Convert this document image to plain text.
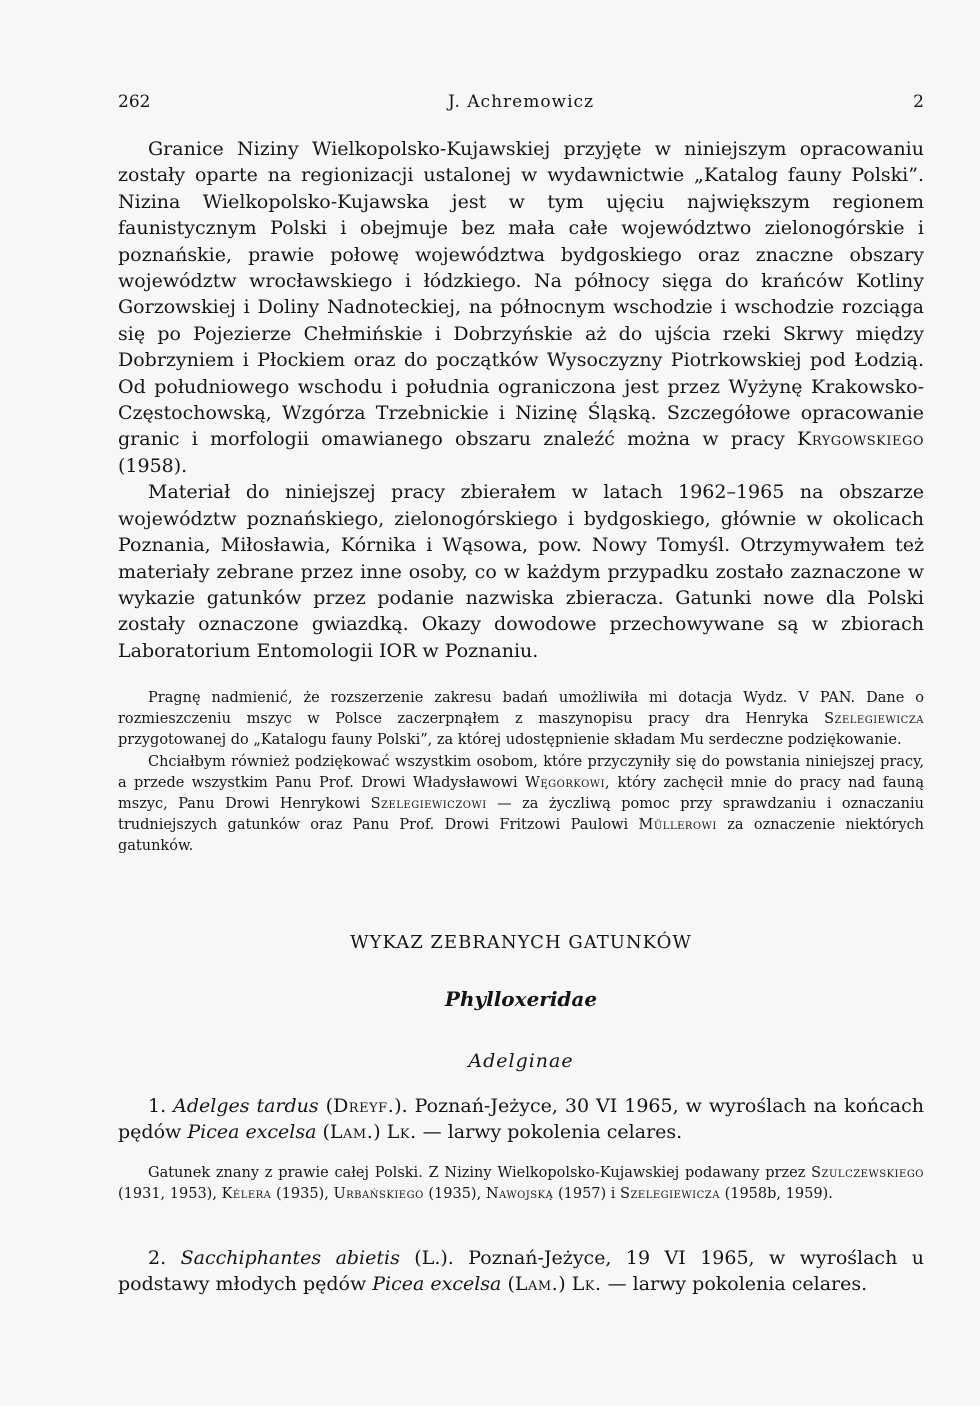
262	J. Achremowicz	2

Granice Niziny Wielkopolsko-Kujawskiej przyjęte w niniejszym opracowaniu zostały oparte na regionizacji ustalonej w wydawnictwie „Katalog fauny Polski”. Nizina Wielkopolsko-Kujawska jest w tym ujęciu największym regionem faunistycznym Polski i obejmuje bez mała całe województwo zielonogórskie i poznańskie, prawie połowę województwa bydgoskiego oraz znaczne obszary województw wrocławskiego i łódzkiego. Na północy sięga do krańców Kotliny Gorzowskiej i Doliny Nadnoteckiej, na północnym wschodzie i wschodzie rozciąga się po Pojezierze Chełmińskie i Dobrzyńskie aż do ujścia rzeki Skrwy między Dobrzyniem i Płockiem oraz do początków Wysoczyzny Piotrkowskiej pod Łodzią. Od południowego wschodu i południa ograniczona jest przez Wyżynę Krakowsko-Częstochowską, Wzgórza Trzebnickie i Nizinę Śląską. Szczegółowe opracowanie granic i morfologii omawianego obszaru znaleźć można w pracy Krygowskiego (1958).

Materiał do niniejszej pracy zbierałem w latach 1962–1965 na obszarze województw poznańskiego, zielonogórskiego i bydgoskiego, głównie w okolicach Poznania, Miłosławia, Kórnika i Wąsowa, pow. Nowy Tomyśl. Otrzymywałem też materiały zebrane przez inne osoby, co w każdym przypadku zostało zaznaczone w wykazie gatunków przez podanie nazwiska zbieracza. Gatunki nowe dla Polski zostały oznaczone gwiazdką. Okazy dowodowe przechowywane są w zbiorach Laboratorium Entomologii IOR w Poznaniu.

Pragnę nadmienić, że rozszerzenie zakresu badań umożliwiła mi dotacja Wydz. V PAN. Dane o rozmieszczeniu mszyc w Polsce zaczerpnąłem z maszynopisu pracy dra Henryka Szelegiewicza przygotowanej do „Katalogu fauny Polski”, za której udostępnienie składam Mu serdeczne podziękowanie.

Chciałbym również podziękować wszystkim osobom, które przyczyniły się do powstania niniejszej pracy, a przede wszystkim Panu Prof. Drowi Władysławowi Węgorkowi, który zachęcił mnie do pracy nad fauną mszyc, Panu Drowi Henrykowi Szelegiewiczowi — za życzliwą pomoc przy sprawdzaniu i oznaczaniu trudniejszych gatunków oraz Panu Prof. Drowi Fritzowi Paulowi Müllerowi za oznaczenie niektórych gatunków.

WYKAZ ZEBRANYCH GATUNKÓW
Phylloxeridae
Adelginae

1. Adelges tardus (Dreyf.). Poznań-Jeżyce, 30 VI 1965, w wyroślach na końcach pędów Picea excelsa (Lam.) Lk. — larwy pokolenia celares.

Gatunek znany z prawie całej Polski. Z Niziny Wielkopolsko-Kujawskiej podawany przez Szulczewskiego (1931, 1953), Kélera (1935), Urbańskiego (1935), Nawojską (1957) i Szelegiewicza (1958b, 1959).

2. Sacchiphantes abietis (L.). Poznań-Jeżyce, 19 VI 1965, w wyroślach u podstawy młodych pędów Picea excelsa (Lam.) Lk. — larwy pokolenia celares.
